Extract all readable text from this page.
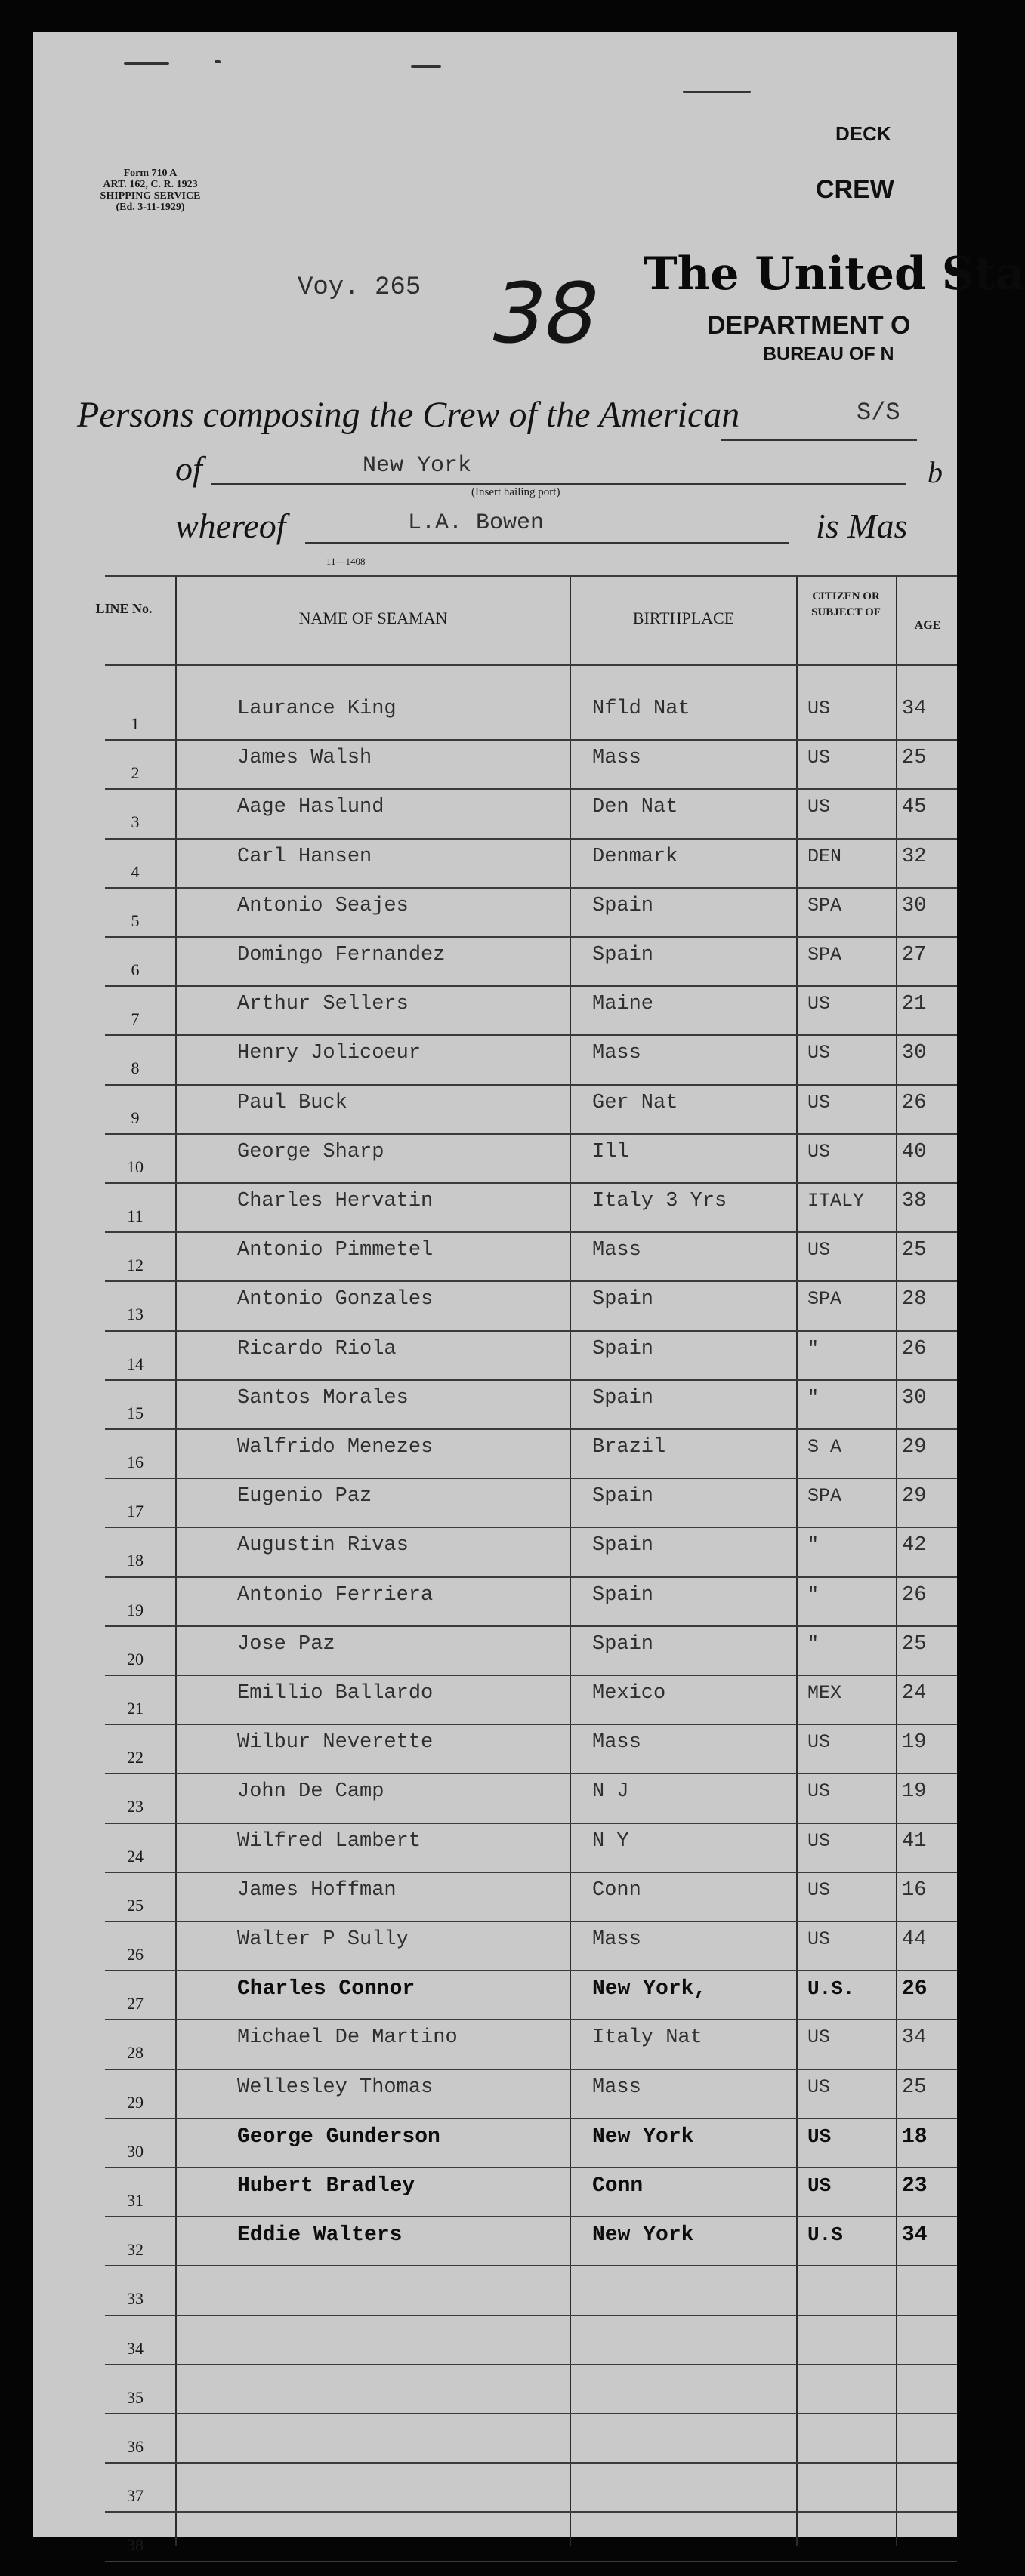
DECK
CREW
Form 710 A
ART. 162, C. R. 1923
SHIPPING SERVICE
(Ed. 3-11-1929)
Voy. 265 38 The United Sta
DEPARTMENT O
BUREAU OF N
Persons composing the Crew of the American	S/S
of	New York
(Insert hailing port)
b
whereof	L.A. Bowen	is Mas
11—1408
LINE No.	NAME OF SEAMAN	BIRTHPLACE
CITIZEN OR SUBJECT OF
AGE
1
Laurance King	Nfld Nat	US	34
2
James Walsh	Mass	US	25
3
Aage Haslund	Den Nat	US	45
4
Carl Hansen	Denmark	DEN	32
5
Antonio Seajes	Spain	SPA	30
6
Domingo Fernandez	Spain	SPA	27
7
Arthur Sellers	Maine	US	21
8
Henry Jolicoeur	Mass	US	30
9
Paul Buck	Ger Nat	US	26
10
George Sharp	Ill	US	40
11
Charles Hervatin	Italy 3 Yrs	ITALY 38
12
Antonio Pimmetel	Mass	US	25
13
Antonio Gonzales	Spain	SPA	28
14
Ricardo Riola	Spain	"	26
15
Santos Morales	Spain	"	30
16
Walfrido Menezes	Brazil	S A	29
17
Eugenio Paz	Spain	SPA	29
18
Augustin Rivas	Spain	"	42
19
Antonio Ferriera	Spain	"	26
20
Jose Paz	Spain	"	25
21
Emillio Ballardo	Mexico	MEX	24
22
Wilbur Neverette	Mass	US	19
23
John De Camp	N J	US	19
24
Wilfred Lambert	N Y	US	41
25
James Hoffman	Conn	US	16
26
Walter P Sully	Mass	US	44
27
Charles Connor	New York,	U.S. 26
28
Michael De Martino	Italy Nat	US	34
29
Wellesley Thomas	Mass	US	25
30
George Gunderson	New York	US	18
31
Hubert Bradley	Conn	US	23
32
Eddie Walters	New York	U.S	34
33
34
35
36
37
38
